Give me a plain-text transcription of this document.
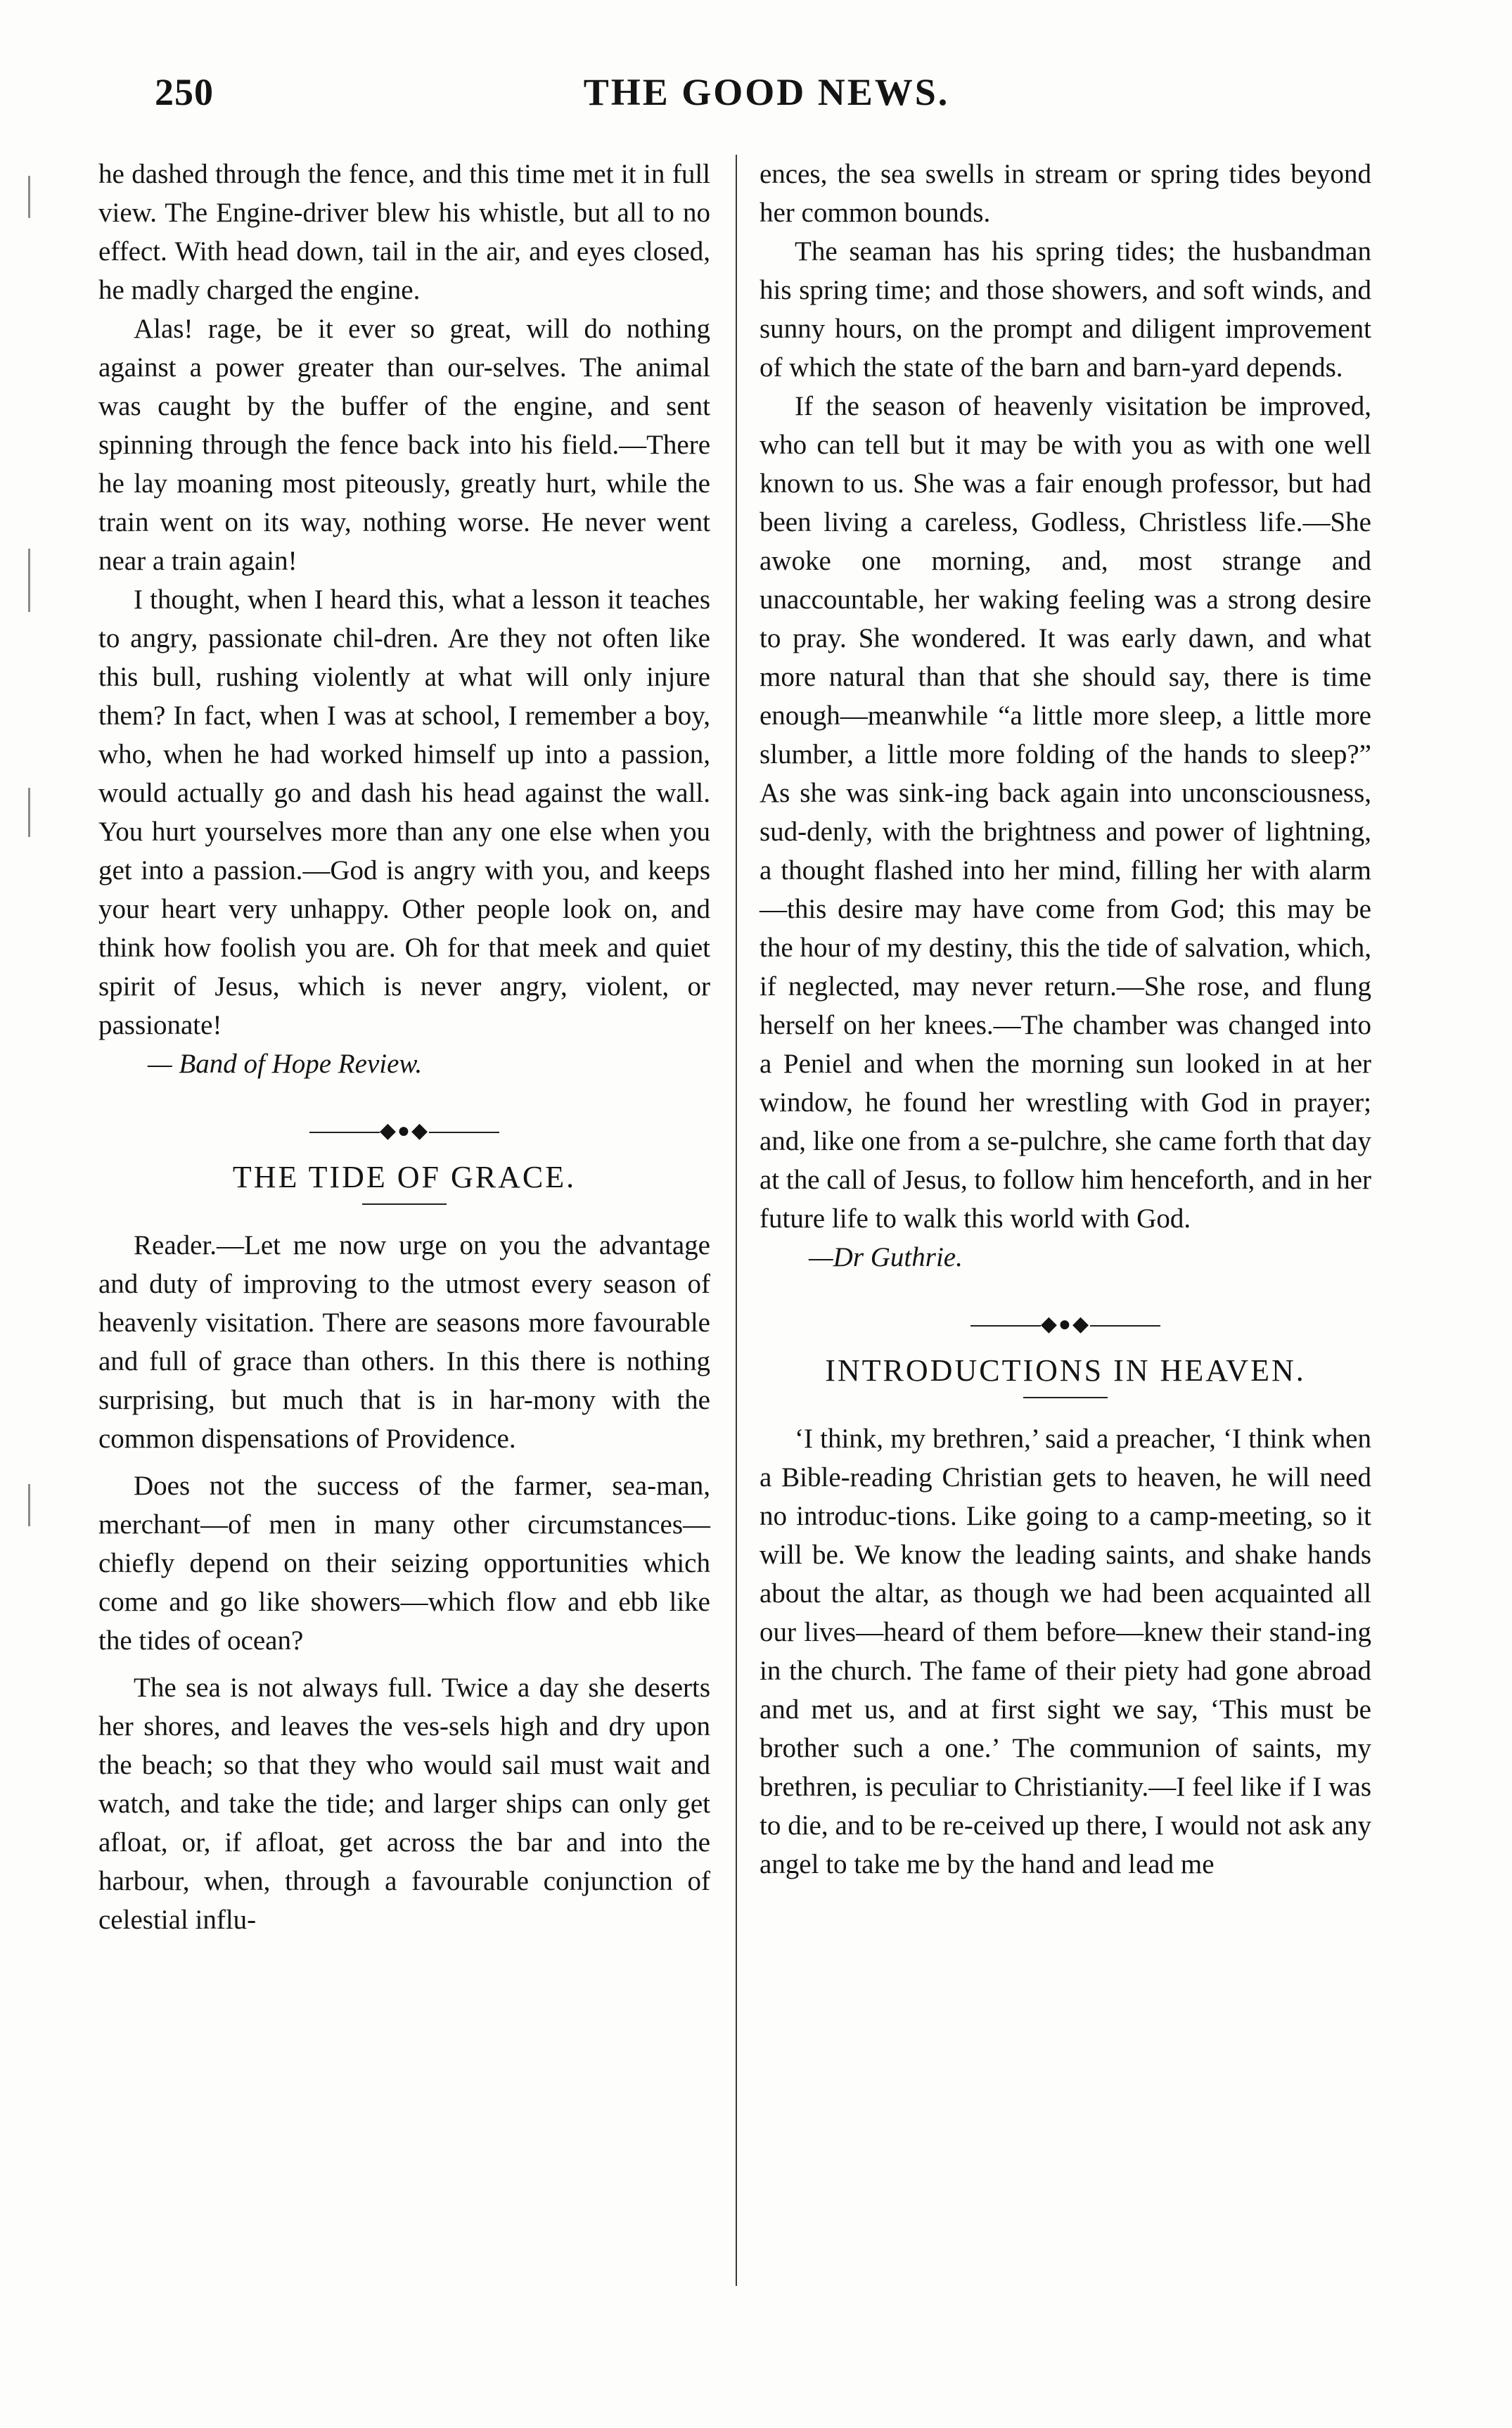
250	THE GOOD NEWS.

he dashed through the fence, and this time met it in full view. The Engine-driver blew his whistle, but all to no effect. With head down, tail in the air, and eyes closed, he madly charged the engine.

Alas! rage, be it ever so great, will do nothing against a power greater than our-selves. The animal was caught by the buffer of the engine, and sent spinning through the fence back into his field.—There he lay moaning most piteously, greatly hurt, while the train went on its way, nothing worse. He never went near a train again!

I thought, when I heard this, what a lesson it teaches to angry, passionate chil-dren. Are they not often like this bull, rushing violently at what will only injure them? In fact, when I was at school, I remember a boy, who, when he had worked himself up into a passion, would actually go and dash his head against the wall. You hurt yourselves more than any one else when you get into a passion.—God is angry with you, and keeps your heart very unhappy. Other people look on, and think how foolish you are. Oh for that meek and quiet spirit of Jesus, which is never angry, violent, or passionate!

— Band of Hope Review.

◆●◆
THE TIDE OF GRACE.

Reader.—Let me now urge on you the advantage and duty of improving to the utmost every season of heavenly visitation. There are seasons more favourable and full of grace than others. In this there is nothing surprising, but much that is in har-mony with the common dispensations of Providence.

Does not the success of the farmer, sea-man, merchant—of men in many other circumstances—chiefly depend on their seizing opportunities which come and go like showers—which flow and ebb like the tides of ocean?

The sea is not always full. Twice a day she deserts her shores, and leaves the ves-sels high and dry upon the beach; so that they who would sail must wait and watch, and take the tide; and larger ships can only get afloat, or, if afloat, get across the bar and into the harbour, when, through a favourable conjunction of celestial influ-

ences, the sea swells in stream or spring tides beyond her common bounds.

The seaman has his spring tides; the husbandman his spring time; and those showers, and soft winds, and sunny hours, on the prompt and diligent improvement of which the state of the barn and barn-yard depends.

If the season of heavenly visitation be improved, who can tell but it may be with you as with one well known to us. She was a fair enough professor, but had been living a careless, Godless, Christless life.—She awoke one morning, and, most strange and unaccountable, her waking feeling was a strong desire to pray. She wondered. It was early dawn, and what more natural than that she should say, there is time enough—meanwhile “a little more sleep, a little more slumber, a little more folding of the hands to sleep?” As she was sink-ing back again into unconsciousness, sud-denly, with the brightness and power of lightning, a thought flashed into her mind, filling her with alarm—this desire may have come from God; this may be the hour of my destiny, this the tide of salvation, which, if neglected, may never return.—She rose, and flung herself on her knees.—The chamber was changed into a Peniel and when the morning sun looked in at her window, he found her wrestling with God in prayer; and, like one from a se-pulchre, she came forth that day at the call of Jesus, to follow him henceforth, and in her future life to walk this world with God.

—Dr Guthrie.

◆●◆
INTRODUCTIONS IN HEAVEN.

‘I think, my brethren,’ said a preacher, ‘I think when a Bible-reading Christian gets to heaven, he will need no introduc-tions. Like going to a camp-meeting, so it will be. We know the leading saints, and shake hands about the altar, as though we had been acquainted all our lives—heard of them before—knew their stand-ing in the church. The fame of their piety had gone abroad and met us, and at first sight we say, ‘This must be brother such a one.’ The communion of saints, my brethren, is peculiar to Christianity.—I feel like if I was to die, and to be re-ceived up there, I would not ask any angel to take me by the hand and lead me
